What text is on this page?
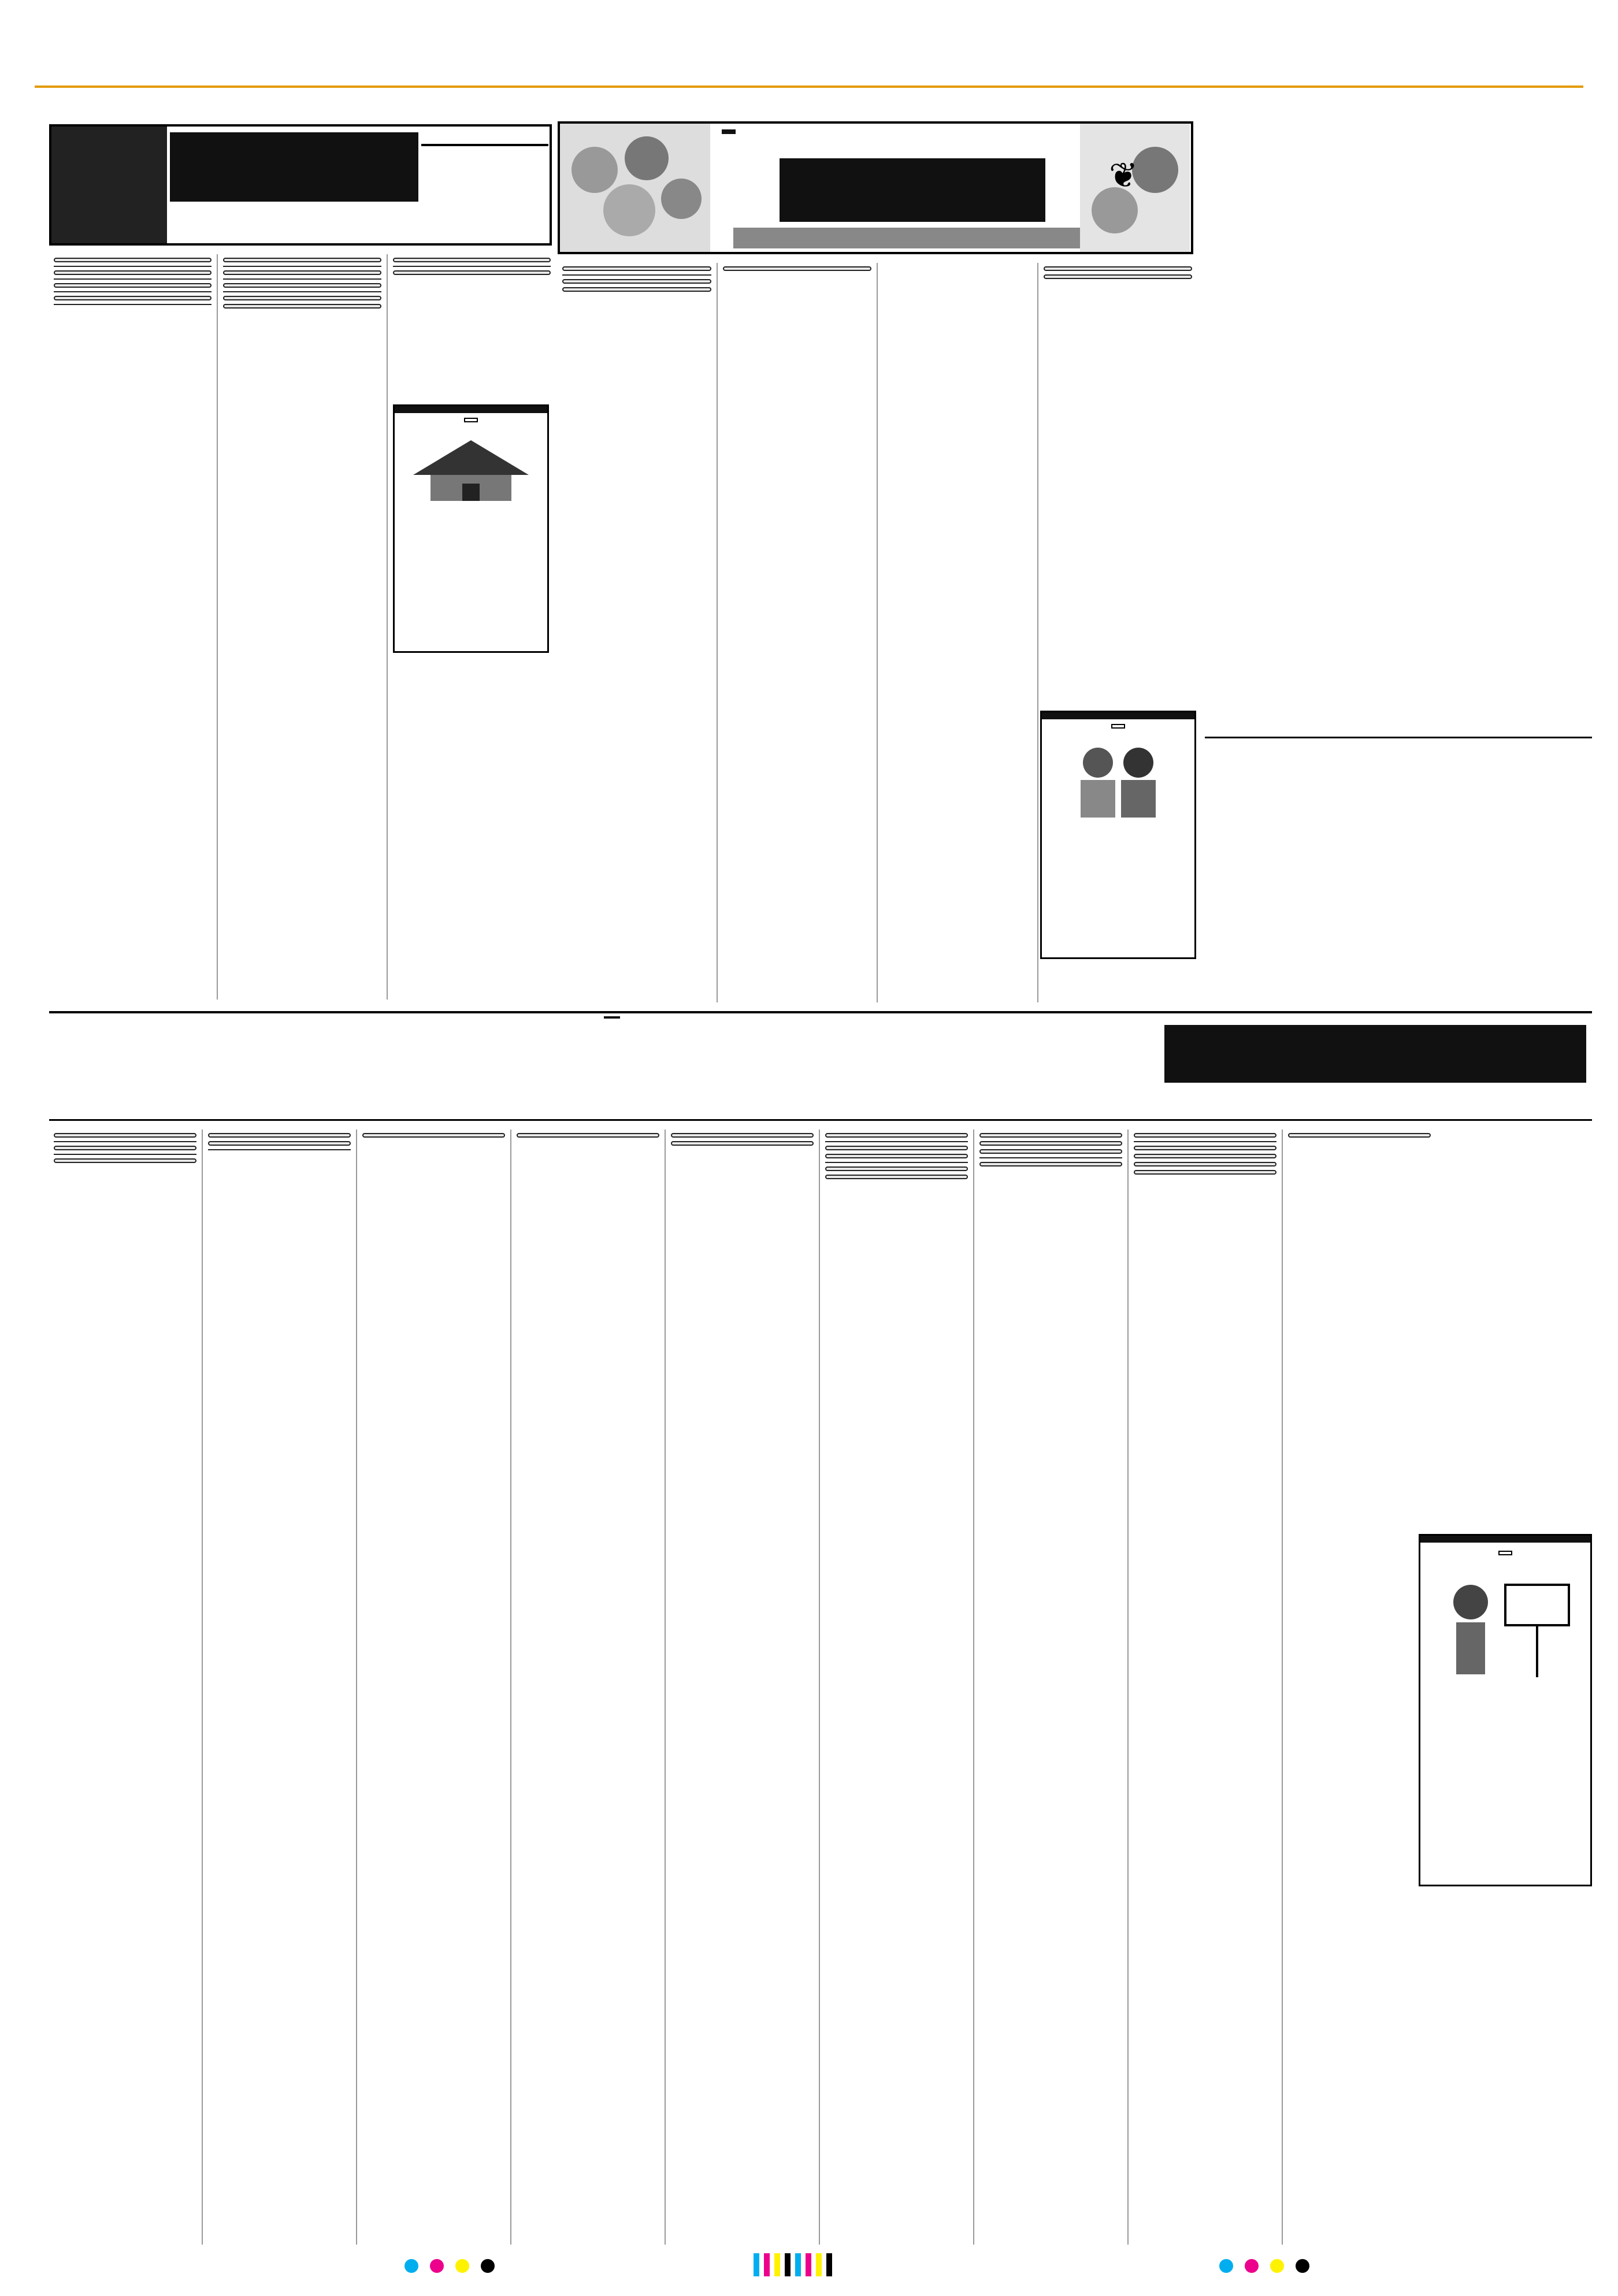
❦
